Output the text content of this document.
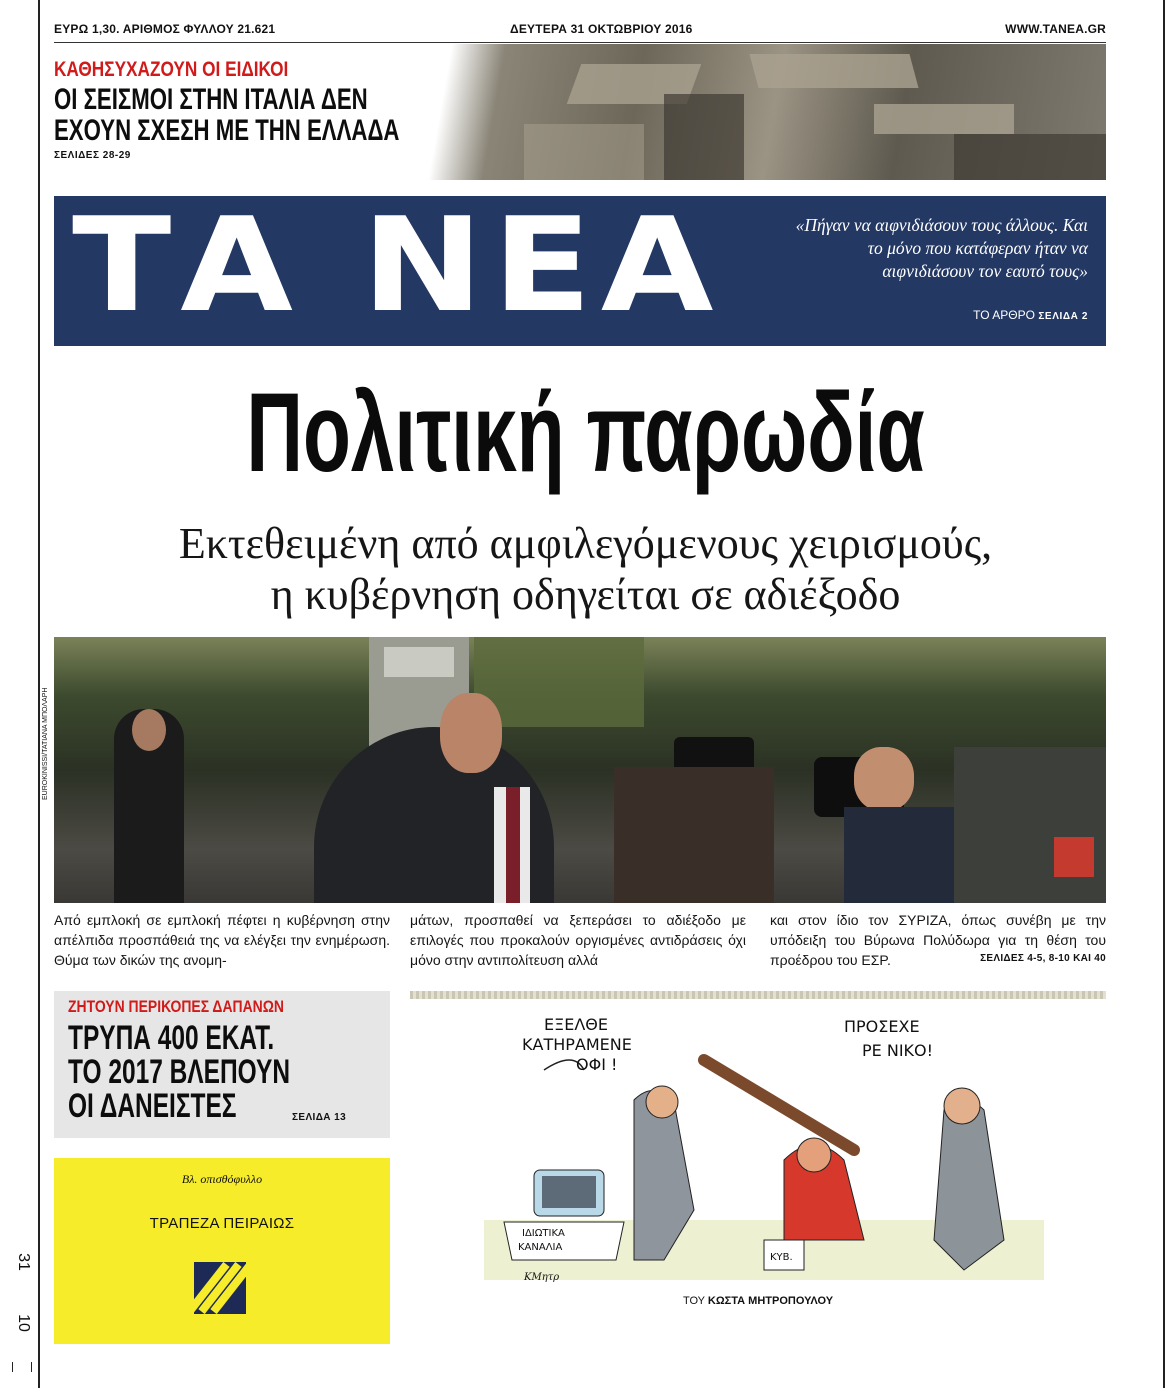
ΕΥΡΩ 1,30. ΑΡΙΘΜΟΣ ΦΥΛΛΟΥ 21.621	ΔΕΥΤΕΡΑ 31 ΟΚΤΩΒΡΙΟΥ 2016	WWW.TANEA.GR
ΚΑΘΗΣΥΧΑΖΟΥΝ ΟΙ ΕΙΔΙΚΟΙ
ΟΙ ΣΕΙΣΜΟΙ ΣΤΗΝ ΙΤΑΛΙΑ ΔΕΝ
ΕΧΟΥΝ ΣΧΕΣΗ ΜΕ ΤΗΝ ΕΛΛΑΔΑ
ΣΕΛΙΔΕΣ 28-29
ΤΑ ΝΕΑ	«Πήγαν να αιφνιδιάσουν τους άλλους. Και το μόνο που κατάφεραν ήταν να αιφνιδιάσουν τον εαυτό τους»
ΤΟ ΑΡΘΡΟ ΣΕΛΙΔΑ 2
Πολιτική παρωδία
Εκτεθειμένη από αμφιλεγόμενους χειρισμούς,
η κυβέρνηση οδηγείται σε αδιέξοδο
EUROKINISSI/ΤΑΤΙΑΝΑ ΜΠΟΛΑΡΗ
Από εμπλοκή σε εμπλοκή πέφτει η κυβέρνηση στην απέλπιδα προσπάθειά της να ελέγξει την ενημέρωση. Θύμα των δικών της ανομη-
μάτων, προσπαθεί να ξεπεράσει το αδιέξοδο με επιλογές που προκαλούν οργισμένες αντιδράσεις όχι μόνο στην αντιπολίτευση αλλά
και στον ίδιο τον ΣΥΡΙΖΑ, όπως συνέβη με την υπόδειξη του Βύρωνα Πολύδωρα για τη θέση του προέδρου του ΕΣΡ.	ΣΕΛΙΔΕΣ 4-5, 8-10 ΚΑΙ 40
ΖΗΤΟΥΝ ΠΕΡΙΚΟΠΕΣ ΔΑΠΑΝΩΝ
ΤΡΥΠΑ 400 ΕΚΑΤ.
ΤΟ 2017 ΒΛΕΠΟΥΝ
ΟΙ ΔΑΝΕΙΣΤΕΣ	ΣΕΛΙΔΑ 13
Βλ. οπισθόφυλλο
ΤΡΑΠΕΖΑ ΠΕΙΡΑΙΩΣ
ΕΞΕΛΘΕ
ΚΑΤΗΡΑΜΕΝΕ
ΟΦΙ !
ΠΡΟΣΕΧΕ
ΡΕ ΝΙΚΟ!
ΙΔΙΩΤΙΚΑ
ΚΑΝΑΛΙΑ
ΚΥΒ.
ΚΜητρ
ΤΟΥ ΚΩΣΤΑ ΜΗΤΡΟΠΟΥΛΟΥ
31
10
